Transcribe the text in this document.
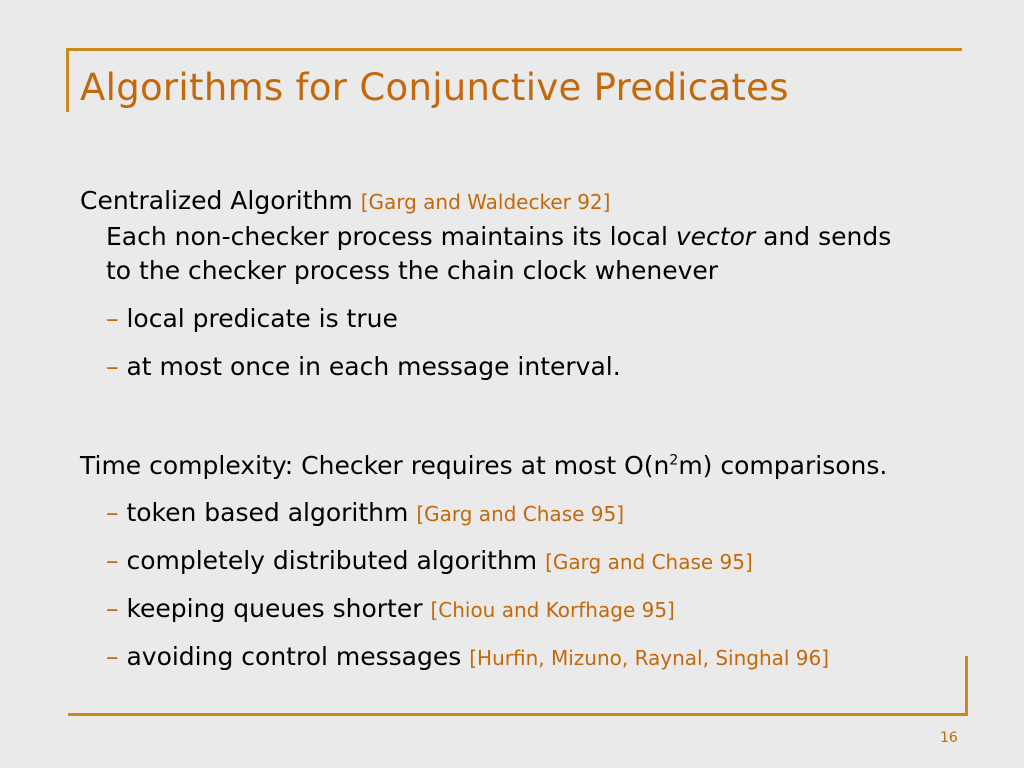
Algorithms for Conjunctive Predicates
Centralized Algorithm [Garg and Waldecker 92]
Each non-checker process maintains its local vector and sends
to the checker process the chain clock whenever
– local predicate is true
– at most once in each message interval.
Time complexity: Checker requires at most $O(n^2m)$ comparisons.
– token based algorithm [Garg and Chase 95]
– completely distributed algorithm [Garg and Chase 95]
– keeping queues shorter [Chiou and Korfhage 95]
– avoiding control messages [Hurfin, Mizuno, Raynal, Singhal 96]
16
